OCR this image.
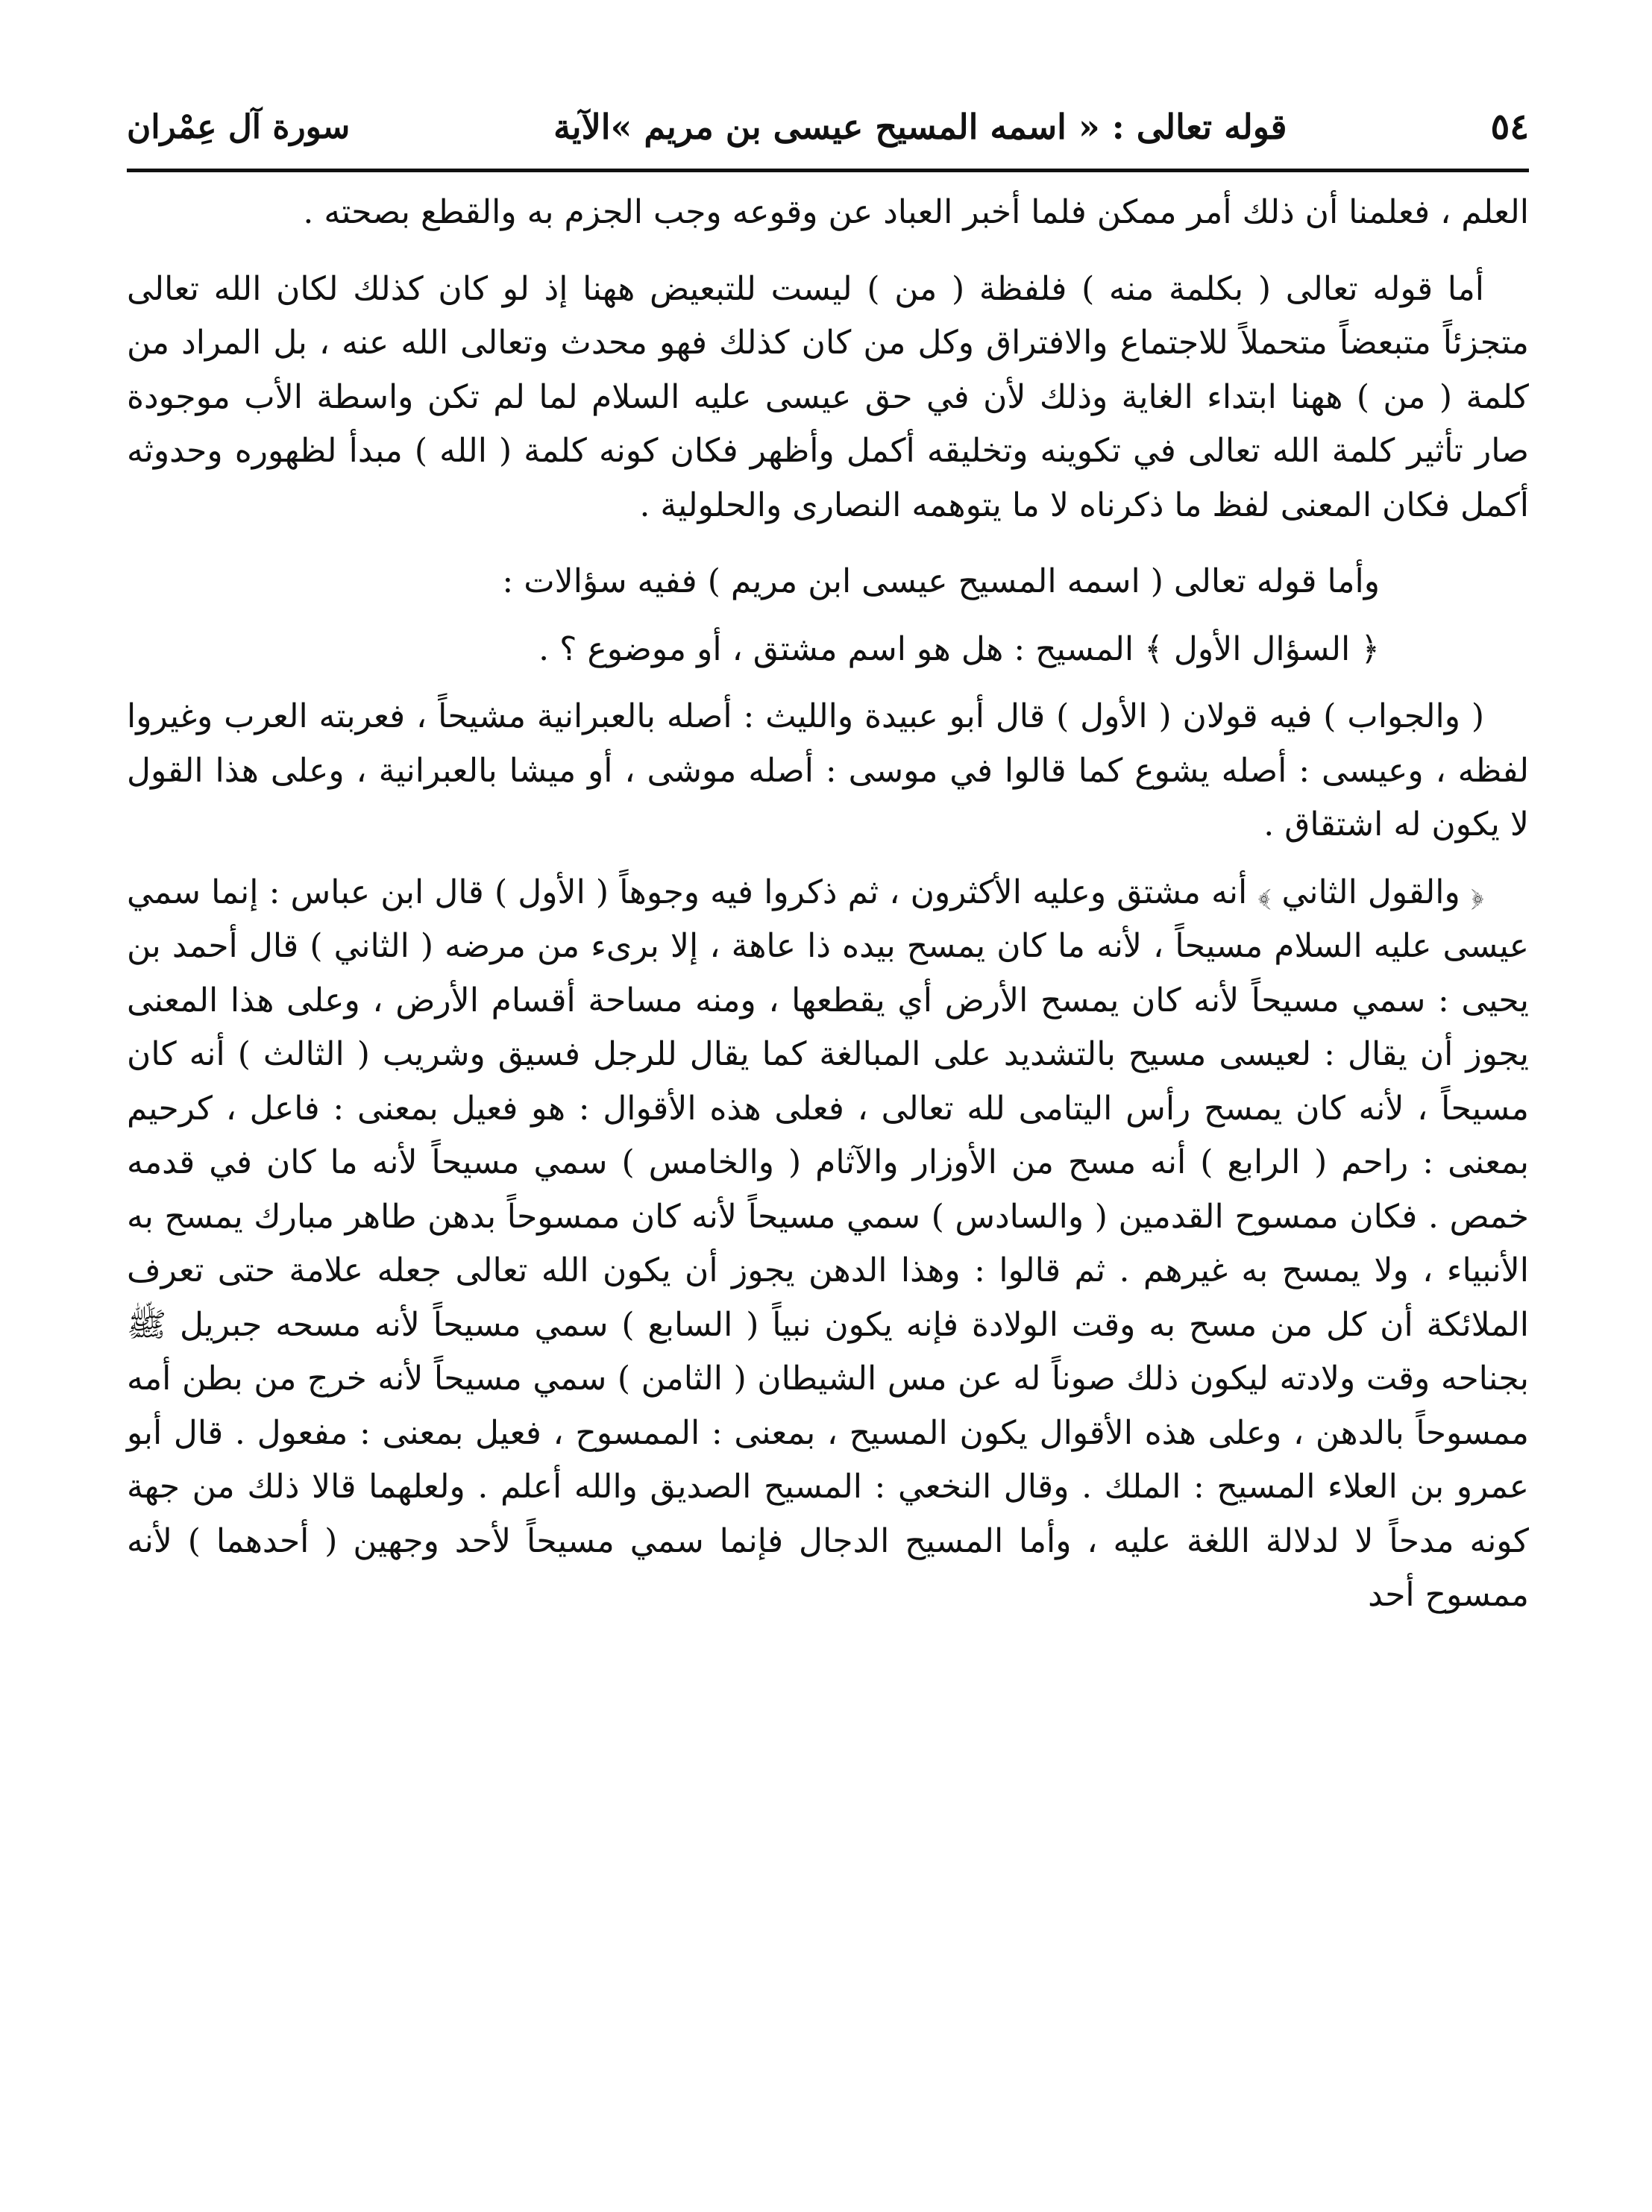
٥٤
قوله تعالى : « اسمه المسيح عيسى بن مريم »الآية
سورة آل عِمْران

العلم ، فعلمنا أن ذلك أمر ممكن فلما أخبر العباد عن وقوعه وجب الجزم به والقطع بصحته .

أما قوله تعالى ( بكلمة منه ) فلفظة ( من ) ليست للتبعيض ههنا إذ لو كان كذلك لكان الله تعالى متجزئاً متبعضاً متحملاً للاجتماع والافتراق وكل من كان كذلك فهو محدث وتعالى الله عنه ، بل المراد من كلمة ( من ) ههنا ابتداء الغاية وذلك لأن في حق عيسى عليه السلام لما لم تكن واسطة الأب موجودة صار تأثير كلمة الله تعالى في تكوينه وتخليقه أكمل وأظهر فكان كونه كلمة ( الله ) مبدأ لظهوره وحدوثه أكمل فكان المعنى لفظ ما ذكرناه لا ما يتوهمه النصارى والحلولية .

وأما قوله تعالى ( اسمه المسيح عيسى ابن مريم ) ففيه سؤالات :

﴿ السؤال الأول ﴾ المسيح : هل هو اسم مشتق ، أو موضوع ؟ .

( والجواب ) فيه قولان ( الأول ) قال أبو عبيدة والليث : أصله بالعبرانية مشيحاً ، فعربته العرب وغيروا لفظه ، وعيسى : أصله يشوع كما قالوا في موسى : أصله موشى ، أو ميشا بالعبرانية ، وعلى هذا القول لا يكون له اشتقاق .

﴿ والقول الثاني ﴾ أنه مشتق وعليه الأكثرون ، ثم ذكروا فيه وجوهاً ( الأول ) قال ابن عباس : إنما سمي عيسى عليه السلام مسيحاً ، لأنه ما كان يمسح بيده ذا عاهة ، إلا برىء من مرضه ( الثاني ) قال أحمد بن يحيى : سمي مسيحاً لأنه كان يمسح الأرض أي يقطعها ، ومنه مساحة أقسام الأرض ، وعلى هذا المعنى يجوز أن يقال : لعيسى مسيح بالتشديد على المبالغة كما يقال للرجل فسيق وشريب ( الثالث ) أنه كان مسيحاً ، لأنه كان يمسح رأس اليتامى لله تعالى ، فعلى هذه الأقوال : هو فعيل بمعنى : فاعل ، كرحيم بمعنى : راحم ( الرابع ) أنه مسح من الأوزار والآثام ( والخامس ) سمي مسيحاً لأنه ما كان في قدمه خمص . فكان ممسوح القدمين ( والسادس ) سمي مسيحاً لأنه كان ممسوحاً بدهن طاهر مبارك يمسح به الأنبياء ، ولا يمسح به غيرهم . ثم قالوا : وهذا الدهن يجوز أن يكون الله تعالى جعله علامة حتى تعرف الملائكة أن كل من مسح به وقت الولادة فإنه يكون نبياً ( السابع ) سمي مسيحاً لأنه مسحه جبريل ﷺ بجناحه وقت ولادته ليكون ذلك صوناً له عن مس الشيطان ( الثامن ) سمي مسيحاً لأنه خرج من بطن أمه ممسوحاً بالدهن ، وعلى هذه الأقوال يكون المسيح ، بمعنى : الممسوح ، فعيل بمعنى : مفعول . قال أبو عمرو بن العلاء المسيح : الملك . وقال النخعي : المسيح الصديق والله أعلم . ولعلهما قالا ذلك من جهة كونه مدحاً لا لدلالة اللغة عليه ، وأما المسيح الدجال فإنما سمي مسيحاً لأحد وجهين ( أحدهما ) لأنه ممسوح أحد
